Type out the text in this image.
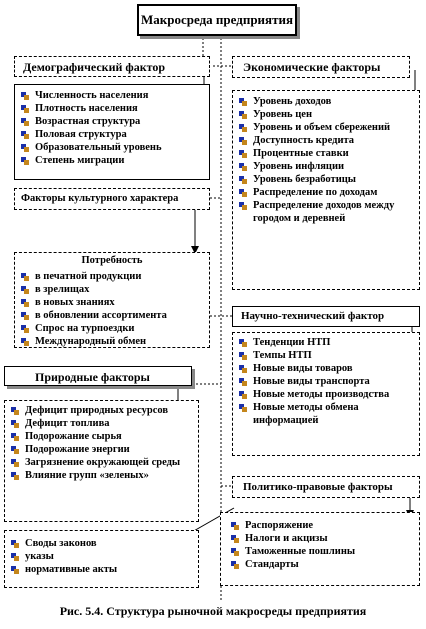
Макросреда предприятия
Демографический фактор
Численность населения
Плотность населения
Возрастная структура
Половая структура
Образовательный уровень
Степень миграции
Факторы культурного характера
Потребность
в печатной продукции
в зрелищах
в новых знаниях
в обновлении ассортимента
Спрос на турпоездки
Международный обмен
Природные факторы
Дефицит природных ресурсов
Дефицит топлива
Подорожание сырья
Подорожание энергии
Загрязнение окружающей среды
Влияние групп «зеленых»
Своды законов
указы
нормативные акты
Экономические факторы
Уровень доходов
Уровень цен
Уровень и объем сбережений
Доступность кредита
Процентные ставки
Уровень инфляции
Уровень безработицы
Распределение по доходам
Распределение доходов между городом и деревней
Научно-технический фактор
Тенденции НТП
Темпы НТП
Новые виды товаров
Новые виды транспорта
Новые методы производства
Новые методы обмена информацией
Политико-правовые факторы
Распоряжение
Налоги и акцизы
Таможенные пошлины
Стандарты
Рис. 5.4. Структура рыночной макросреды предприятия
